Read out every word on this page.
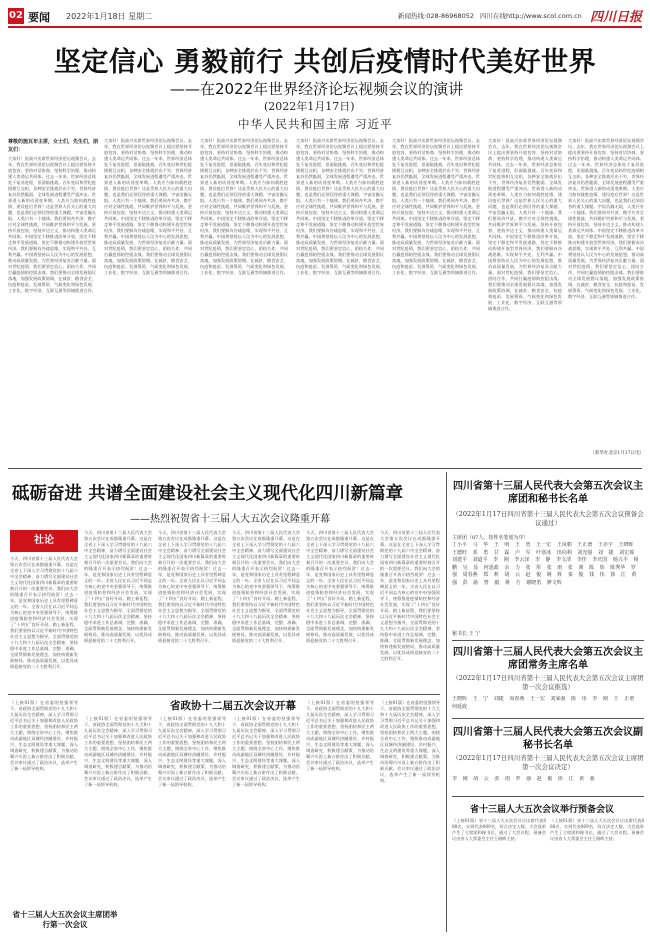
02 要闻 2022年1月18日 星期二	新闻热线:028-86968052 四川在线http://www.scol.com.cn 四川日报
坚定信心 勇毅前行 共创后疫情时代美好世界
——在2022年世界经济论坛视频会议的演讲
(2022年1月17日)
中华人民共和国主席 习近平
尊敬的施瓦布主席，女士们，先生们，朋友们：
大家好！很高兴出席世界经济论坛视频会议。去年，我在世界经济论坛视频会议上提出要坚持开放包容、坚持对话协商、坚持科学治理，推动构建人类命运共同体。过去一年来，世界经济总体处于复苏进程，但面临挑战。百年变局和世纪疫情相互交织，各种安全挑战层出不穷，世界经济复苏仍然脆弱，全球发展进程遭受严重冲击。世界进入新的动荡变革期。人类应当如何战胜疫情、建设疫后世界？这是世界人民关心的重大问题，也是我们必须回答的重大课题。宇宙浩瀚无垠，人类只有一个地球。我们要同舟共济，携手应对全球性挑战，共同维护世界和平与发展。坚持开放包容，坚持多边主义，推动构建人类命运共同体。中国坚定不移推进改革开放，坚定不移走和平发展道路，坚定不移推动构建开放型世界经济。我们要摒弃冷战思维，实现和平共处、互利共赢。中国将坚持以人民为中心的发展思想，推动高质量发展，为世界经济复苏贡献力量。面对世纪疫情，我们要坚定信心，团结合作，共同打赢疫情防控阻击战。我们要推动全球发展倡议落地，加强发展政策协调，在减贫、粮食安全、抗疫和疫苗、发展筹资、气候变化和绿色发展、工业化、数字经济、互联互通等领域推进合作。
大家好！很高兴出席世界经济论坛视频会议。去年，我在世界经济论坛视频会议上提出要坚持开放包容、坚持对话协商、坚持科学治理，推动构建人类命运共同体。过去一年来，世界经济总体处于复苏进程，但面临挑战。百年变局和世纪疫情相互交织，各种安全挑战层出不穷，世界经济复苏仍然脆弱，全球发展进程遭受严重冲击。世界进入新的动荡变革期。人类应当如何战胜疫情、建设疫后世界？这是世界人民关心的重大问题，也是我们必须回答的重大课题。宇宙浩瀚无垠，人类只有一个地球。我们要同舟共济，携手应对全球性挑战，共同维护世界和平与发展。坚持开放包容，坚持多边主义，推动构建人类命运共同体。中国坚定不移推进改革开放，坚定不移走和平发展道路，坚定不移推动构建开放型世界经济。我们要摒弃冷战思维，实现和平共处、互利共赢。中国将坚持以人民为中心的发展思想，推动高质量发展，为世界经济复苏贡献力量。面对世纪疫情，我们要坚定信心，团结合作，共同打赢疫情防控阻击战。我们要推动全球发展倡议落地，加强发展政策协调，在减贫、粮食安全、抗疫和疫苗、发展筹资、气候变化和绿色发展、工业化、数字经济、互联互通等领域推进合作。
大家好！很高兴出席世界经济论坛视频会议。去年，我在世界经济论坛视频会议上提出要坚持开放包容、坚持对话协商、坚持科学治理，推动构建人类命运共同体。过去一年来，世界经济总体处于复苏进程，但面临挑战。百年变局和世纪疫情相互交织，各种安全挑战层出不穷，世界经济复苏仍然脆弱，全球发展进程遭受严重冲击。世界进入新的动荡变革期。人类应当如何战胜疫情、建设疫后世界？这是世界人民关心的重大问题，也是我们必须回答的重大课题。宇宙浩瀚无垠，人类只有一个地球。我们要同舟共济，携手应对全球性挑战，共同维护世界和平与发展。坚持开放包容，坚持多边主义，推动构建人类命运共同体。中国坚定不移推进改革开放，坚定不移走和平发展道路，坚定不移推动构建开放型世界经济。我们要摒弃冷战思维，实现和平共处、互利共赢。中国将坚持以人民为中心的发展思想，推动高质量发展，为世界经济复苏贡献力量。面对世纪疫情，我们要坚定信心，团结合作，共同打赢疫情防控阻击战。我们要推动全球发展倡议落地，加强发展政策协调，在减贫、粮食安全、抗疫和疫苗、发展筹资、气候变化和绿色发展、工业化、数字经济、互联互通等领域推进合作。
大家好！很高兴出席世界经济论坛视频会议。去年，我在世界经济论坛视频会议上提出要坚持开放包容、坚持对话协商、坚持科学治理，推动构建人类命运共同体。过去一年来，世界经济总体处于复苏进程，但面临挑战。百年变局和世纪疫情相互交织，各种安全挑战层出不穷，世界经济复苏仍然脆弱，全球发展进程遭受严重冲击。世界进入新的动荡变革期。人类应当如何战胜疫情、建设疫后世界？这是世界人民关心的重大问题，也是我们必须回答的重大课题。宇宙浩瀚无垠，人类只有一个地球。我们要同舟共济，携手应对全球性挑战，共同维护世界和平与发展。坚持开放包容，坚持多边主义，推动构建人类命运共同体。中国坚定不移推进改革开放，坚定不移走和平发展道路，坚定不移推动构建开放型世界经济。我们要摒弃冷战思维，实现和平共处、互利共赢。中国将坚持以人民为中心的发展思想，推动高质量发展，为世界经济复苏贡献力量。面对世纪疫情，我们要坚定信心，团结合作，共同打赢疫情防控阻击战。我们要推动全球发展倡议落地，加强发展政策协调，在减贫、粮食安全、抗疫和疫苗、发展筹资、气候变化和绿色发展、工业化、数字经济、互联互通等领域推进合作。
大家好！很高兴出席世界经济论坛视频会议。去年，我在世界经济论坛视频会议上提出要坚持开放包容、坚持对话协商、坚持科学治理，推动构建人类命运共同体。过去一年来，世界经济总体处于复苏进程，但面临挑战。百年变局和世纪疫情相互交织，各种安全挑战层出不穷，世界经济复苏仍然脆弱，全球发展进程遭受严重冲击。世界进入新的动荡变革期。人类应当如何战胜疫情、建设疫后世界？这是世界人民关心的重大问题，也是我们必须回答的重大课题。宇宙浩瀚无垠，人类只有一个地球。我们要同舟共济，携手应对全球性挑战，共同维护世界和平与发展。坚持开放包容，坚持多边主义，推动构建人类命运共同体。中国坚定不移推进改革开放，坚定不移走和平发展道路，坚定不移推动构建开放型世界经济。我们要摒弃冷战思维，实现和平共处、互利共赢。中国将坚持以人民为中心的发展思想，推动高质量发展，为世界经济复苏贡献力量。面对世纪疫情，我们要坚定信心，团结合作，共同打赢疫情防控阻击战。我们要推动全球发展倡议落地，加强发展政策协调，在减贫、粮食安全、抗疫和疫苗、发展筹资、气候变化和绿色发展、工业化、数字经济、互联互通等领域推进合作。
大家好！很高兴出席世界经济论坛视频会议。去年，我在世界经济论坛视频会议上提出要坚持开放包容、坚持对话协商、坚持科学治理，推动构建人类命运共同体。过去一年来，世界经济总体处于复苏进程，但面临挑战。百年变局和世纪疫情相互交织，各种安全挑战层出不穷，世界经济复苏仍然脆弱，全球发展进程遭受严重冲击。世界进入新的动荡变革期。人类应当如何战胜疫情、建设疫后世界？这是世界人民关心的重大问题，也是我们必须回答的重大课题。宇宙浩瀚无垠，人类只有一个地球。我们要同舟共济，携手应对全球性挑战，共同维护世界和平与发展。坚持开放包容，坚持多边主义，推动构建人类命运共同体。中国坚定不移推进改革开放，坚定不移走和平发展道路，坚定不移推动构建开放型世界经济。我们要摒弃冷战思维，实现和平共处、互利共赢。中国将坚持以人民为中心的发展思想，推动高质量发展，为世界经济复苏贡献力量。面对世纪疫情，我们要坚定信心，团结合作，共同打赢疫情防控阻击战。我们要推动全球发展倡议落地，加强发展政策协调，在减贫、粮食安全、抗疫和疫苗、发展筹资、气候变化和绿色发展、工业化、数字经济、互联互通等领域推进合作。
大家好！很高兴出席世界经济论坛视频会议。去年，我在世界经济论坛视频会议上提出要坚持开放包容、坚持对话协商、坚持科学治理，推动构建人类命运共同体。过去一年来，世界经济总体处于复苏进程，但面临挑战。百年变局和世纪疫情相互交织，各种安全挑战层出不穷，世界经济复苏仍然脆弱，全球发展进程遭受严重冲击。世界进入新的动荡变革期。人类应当如何战胜疫情、建设疫后世界？这是世界人民关心的重大问题，也是我们必须回答的重大课题。宇宙浩瀚无垠，人类只有一个地球。我们要同舟共济，携手应对全球性挑战，共同维护世界和平与发展。坚持开放包容，坚持多边主义，推动构建人类命运共同体。中国坚定不移推进改革开放，坚定不移走和平发展道路，坚定不移推动构建开放型世界经济。我们要摒弃冷战思维，实现和平共处、互利共赢。中国将坚持以人民为中心的发展思想，推动高质量发展，为世界经济复苏贡献力量。面对世纪疫情，我们要坚定信心，团结合作，共同打赢疫情防控阻击战。我们要推动全球发展倡议落地，加强发展政策协调，在减贫、粮食安全、抗疫和疫苗、发展筹资、气候变化和绿色发展、工业化、数字经济、互联互通等领域推进合作。
（新华社北京1月17日电）
砥砺奋进 共谱全面建设社会主义现代化四川新篇章
——热烈祝贺省十三届人大五次会议隆重开幕
社论
今天，四川省第十三届人民代表大会第五次会议在成都隆重开幕。这是在全省上下深入学习贯彻党的十九届六中全会精神、奋力谱写全面建设社会主义现代化国家四川新篇章的重要时刻召开的一次重要会议。我们向大会的隆重召开表示热烈祝贺！过去一年，是党和国家历史上具有里程碑意义的一年。全省人民在以习近平同志为核心的党中央坚强领导下，统筹推进疫情防控和经济社会发展，实现了“十四五”良好开局。踏上新征程，我们要坚持以习近平新时代中国特色社会主义思想为指导，全面贯彻党的十九大和十九届历次全会精神，坚持稳中求进工作总基调，完整、准确、全面贯彻新发展理念，加快构建新发展格局，推动高质量发展，以优异成绩迎接党的二十大胜利召开。
今天，四川省第十三届人民代表大会第五次会议在成都隆重开幕。这是在全省上下深入学习贯彻党的十九届六中全会精神、奋力谱写全面建设社会主义现代化国家四川新篇章的重要时刻召开的一次重要会议。我们向大会的隆重召开表示热烈祝贺！过去一年，是党和国家历史上具有里程碑意义的一年。全省人民在以习近平同志为核心的党中央坚强领导下，统筹推进疫情防控和经济社会发展，实现了“十四五”良好开局。踏上新征程，我们要坚持以习近平新时代中国特色社会主义思想为指导，全面贯彻党的十九大和十九届历次全会精神，坚持稳中求进工作总基调，完整、准确、全面贯彻新发展理念，加快构建新发展格局，推动高质量发展，以优异成绩迎接党的二十大胜利召开。
今天，四川省第十三届人民代表大会第五次会议在成都隆重开幕。这是在全省上下深入学习贯彻党的十九届六中全会精神、奋力谱写全面建设社会主义现代化国家四川新篇章的重要时刻召开的一次重要会议。我们向大会的隆重召开表示热烈祝贺！过去一年，是党和国家历史上具有里程碑意义的一年。全省人民在以习近平同志为核心的党中央坚强领导下，统筹推进疫情防控和经济社会发展，实现了“十四五”良好开局。踏上新征程，我们要坚持以习近平新时代中国特色社会主义思想为指导，全面贯彻党的十九大和十九届历次全会精神，坚持稳中求进工作总基调，完整、准确、全面贯彻新发展理念，加快构建新发展格局，推动高质量发展，以优异成绩迎接党的二十大胜利召开。
今天，四川省第十三届人民代表大会第五次会议在成都隆重开幕。这是在全省上下深入学习贯彻党的十九届六中全会精神、奋力谱写全面建设社会主义现代化国家四川新篇章的重要时刻召开的一次重要会议。我们向大会的隆重召开表示热烈祝贺！过去一年，是党和国家历史上具有里程碑意义的一年。全省人民在以习近平同志为核心的党中央坚强领导下，统筹推进疫情防控和经济社会发展，实现了“十四五”良好开局。踏上新征程，我们要坚持以习近平新时代中国特色社会主义思想为指导，全面贯彻党的十九大和十九届历次全会精神，坚持稳中求进工作总基调，完整、准确、全面贯彻新发展理念，加快构建新发展格局，推动高质量发展，以优异成绩迎接党的二十大胜利召开。
今天，四川省第十三届人民代表大会第五次会议在成都隆重开幕。这是在全省上下深入学习贯彻党的十九届六中全会精神、奋力谱写全面建设社会主义现代化国家四川新篇章的重要时刻召开的一次重要会议。我们向大会的隆重召开表示热烈祝贺！过去一年，是党和国家历史上具有里程碑意义的一年。全省人民在以习近平同志为核心的党中央坚强领导下，统筹推进疫情防控和经济社会发展，实现了“十四五”良好开局。踏上新征程，我们要坚持以习近平新时代中国特色社会主义思想为指导，全面贯彻党的十九大和十九届历次全会精神，坚持稳中求进工作总基调，完整、准确、全面贯彻新发展理念，加快构建新发展格局，推动高质量发展，以优异成绩迎接党的二十大胜利召开。
今天，四川省第十三届人民代表大会第五次会议在成都隆重开幕。这是在全省上下深入学习贯彻党的十九届六中全会精神、奋力谱写全面建设社会主义现代化国家四川新篇章的重要时刻召开的一次重要会议。我们向大会的隆重召开表示热烈祝贺！过去一年，是党和国家历史上具有里程碑意义的一年。全省人民在以习近平同志为核心的党中央坚强领导下，统筹推进疫情防控和经济社会发展，实现了“十四五”良好开局。踏上新征程，我们要坚持以习近平新时代中国特色社会主义思想为指导，全面贯彻党的十九大和十九届历次全会精神，坚持稳中求进工作总基调，完整、准确、全面贯彻新发展理念，加快构建新发展格局，推动高质量发展，以优异成绩迎接党的二十大胜利召开。
四川省第十三届人民代表大会第五次会议主席团和秘书长名单
（2022年1月17日四川省第十三届人民代表大会第五次会议预备会议通过）
主席团（87人，按姓名笔划为序）
丁小平 马 华 王 明 王 勇 王一宏 王凤朝 王正谱 王赤宇 王晓晖 王德旺 邓 勇 甘 霖 卢 军 叶寒冰 田向利 刘光强 刘 捷 刘宏葆 刘建平 刘道平 李 刚 李云泽 李 静 李文清 李佳 李庆国 杨兴平 杨 鹏 吴 显 何延政 余 力 张 彤 张 雨 张 剡 陈 炜 陈秀华 罗 强 周春燕 郑 莉 胡 云 赵 俊 姚 辉 秦 俊 钱 伟 徐 江 黄 强 彭 渝 曾 毅 蒋 方 谢晓勇 廖文辉
秘书长 王 宁
四川省第十三届人民代表大会第五次会议主席团常务主席名单
（2022年1月17日四川省第十三届人民代表大会第五次会议主席团第一次会议推选）
王晓晖 王 宁 刘捷 周春燕 王一宏 刘家强 陈 彤 李 刚 王 正谱 何延政
四川省第十三届人民代表大会第五次会议副秘书长名单
（2022年1月17日四川省第十三届人民代表大会第五次会议主席团第一次会议决定）
李 刚 胡 云 张 雨 罗 强 赵 俊 徐 江 黄 强
省政协十二届五次会议开幕
（上接01版）在省委的坚强领导下，省政协全面贯彻党的十九大和十九届历次全会精神，深入学习贯彻习近平总书记关于加强和改进人民政协工作的重要思想，坚持团结和民主两大主题，围绕全省中心工作，聚焦推动成渝地区双城经济圈建设、乡村振兴、生态文明建设等重大课题，深入调查研究，积极建言献策，为推动治蜀兴川再上新台阶作出了积极贡献。会议审议通过了政治决议，选举产生了新一届领导机构。
（上接01版）在省委的坚强领导下，省政协全面贯彻党的十九大和十九届历次全会精神，深入学习贯彻习近平总书记关于加强和改进人民政协工作的重要思想，坚持团结和民主两大主题，围绕全省中心工作，聚焦推动成渝地区双城经济圈建设、乡村振兴、生态文明建设等重大课题，深入调查研究，积极建言献策，为推动治蜀兴川再上新台阶作出了积极贡献。会议审议通过了政治决议，选举产生了新一届领导机构。
（上接01版）在省委的坚强领导下，省政协全面贯彻党的十九大和十九届历次全会精神，深入学习贯彻习近平总书记关于加强和改进人民政协工作的重要思想，坚持团结和民主两大主题，围绕全省中心工作，聚焦推动成渝地区双城经济圈建设、乡村振兴、生态文明建设等重大课题，深入调查研究，积极建言献策，为推动治蜀兴川再上新台阶作出了积极贡献。会议审议通过了政治决议，选举产生了新一届领导机构。
（上接01版）在省委的坚强领导下，省政协全面贯彻党的十九大和十九届历次全会精神，深入学习贯彻习近平总书记关于加强和改进人民政协工作的重要思想，坚持团结和民主两大主题，围绕全省中心工作，聚焦推动成渝地区双城经济圈建设、乡村振兴、生态文明建设等重大课题，深入调查研究，积极建言献策，为推动治蜀兴川再上新台阶作出了积极贡献。会议审议通过了政治决议，选举产生了新一届领导机构。
（上接01版）在省委的坚强领导下，省政协全面贯彻党的十九大和十九届历次全会精神，深入学习贯彻习近平总书记关于加强和改进人民政协工作的重要思想，坚持团结和民主两大主题，围绕全省中心工作，聚焦推动成渝地区双城经济圈建设、乡村振兴、生态文明建设等重大课题，深入调查研究，积极建言献策，为推动治蜀兴川再上新台阶作出了积极贡献。会议审议通过了政治决议，选举产生了新一届领导机构。
（上接01版）在省委的坚强领导下，省政协全面贯彻党的十九大和十九届历次全会精神，深入学习贯彻习近平总书记关于加强和改进人民政协工作的重要思想，坚持团结和民主两大主题，围绕全省中心工作，聚焦推动成渝地区双城经济圈建设、乡村振兴、生态文明建设等重大课题，深入调查研究，积极建言献策，为推动治蜀兴川再上新台阶作出了积极贡献。会议审议通过了政治决议，选举产生了新一届领导机构。
省十三届人大五次会议主席团举行第一次会议
省十三届人大五次会议举行预备会议
（上接01版）省十三届人大五次会议应出席代表888名，实到代表809名，符合法定人数。大会选举产生了主席团和秘书长，通过了大会议程。预备会议由省人大常委会主任王晓晖主持。
（上接01版）省十三届人大五次会议应出席代表888名，实到代表809名，符合法定人数。大会选举产生了主席团和秘书长，通过了大会议程。预备会议由省人大常委会主任王晓晖主持。
